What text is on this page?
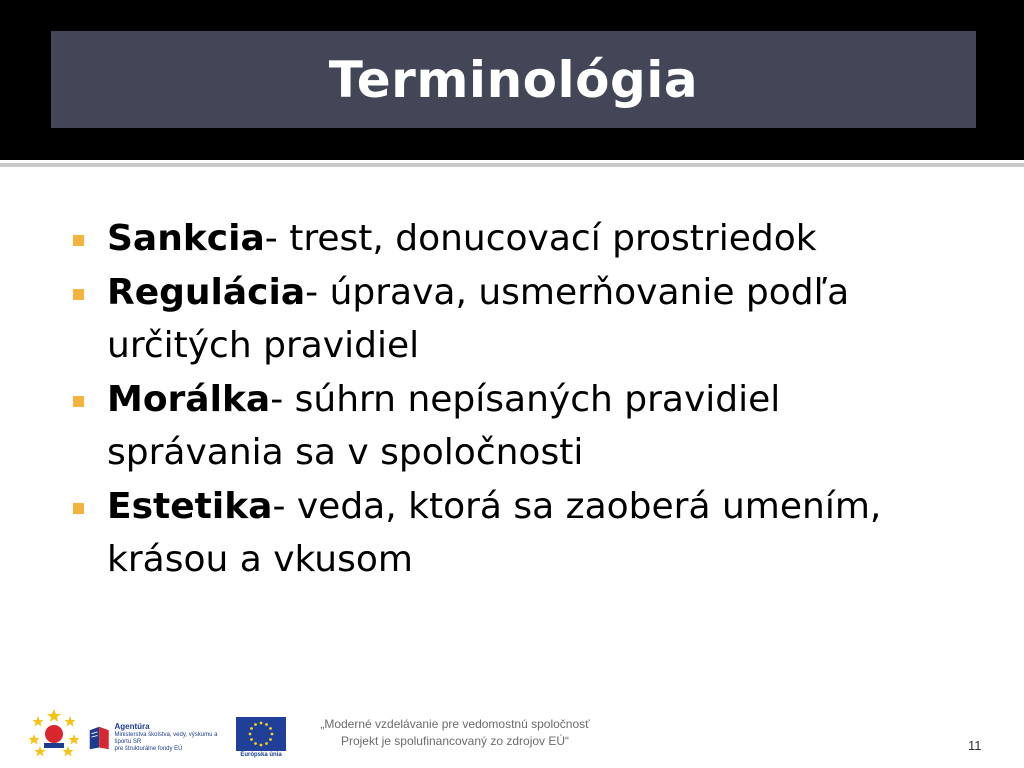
Terminológia
Sankcia- trest, donucovací prostriedok
Regulácia- úprava, usmerňovanie podľa určitých pravidiel
Morálka- súhrn nepísaných pravidiel správania sa v spoločnosti
Estetika- veda, ktorá sa zaoberá umením, krásou a vkusom
Agentúra
Ministerstva školstva, vedy, výskumu a športu SR
pre štrukturálne fondy EÚ
Európska únia
„Moderné vzdelávanie pre vedomostnú spoločnosť
Projekt je spolufinancovaný zo zdrojov EÚ“	11
